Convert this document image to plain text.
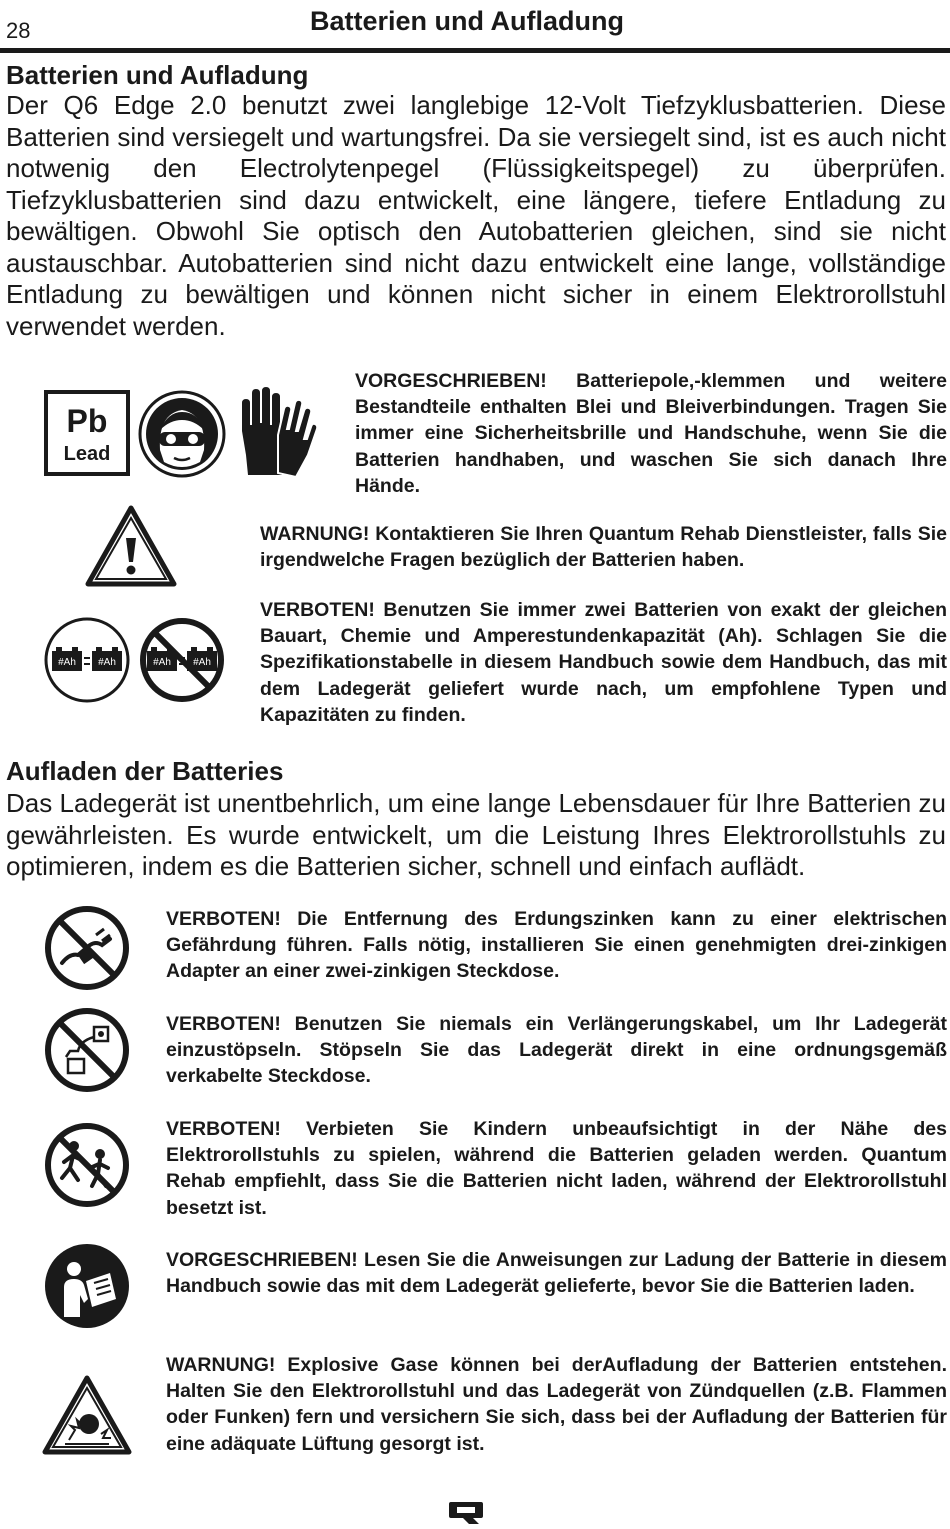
28	Batterien und Aufladung
Batterien und Aufladung
Der Q6 Edge 2.0 benutzt zwei langlebige 12-Volt Tiefzyklusbatterien. Diese Batterien sind versiegelt und wartungsfrei. Da sie versiegelt sind, ist es auch nicht notwenig den Electrolytenpegel (Flüssigkeitspegel) zu überprüfen. Tiefzyklusbatterien sind dazu entwickelt, eine längere, tiefere Entladung zu bewältigen. Obwohl Sie optisch den Autobatterien gleichen, sind sie nicht austauschbar. Autobatterien sind nicht dazu entwickelt eine lange, vollständige Entladung zu bewältigen und können nicht sicher in einem Elektrorollstuhl verwendet werden.
Pb
Lead
VORGESCHRIEBEN! Batteriepole,-klemmen und weitere Bestandteile enthalten Blei und Bleiverbindungen. Tragen Sie immer eine Sicherheitsbrille und Handschuhe, wenn Sie die Batterien handhaben, und waschen Sie sich danach Ihre Hände.
WARNUNG! Kontaktieren Sie Ihren Quantum Rehab Dienstleister, falls Sie irgendwelche Fragen bezüglich der Batterien haben.
#Ah #Ah	#Ah #Ah
VERBOTEN! Benutzen Sie immer zwei Batterien von exakt der gleichen Bauart, Chemie und Amperestundenkapazität (Ah). Schlagen Sie die Spezifikationstabelle in diesem Handbuch sowie dem Handbuch, das mit dem Ladegerät geliefert wurde nach, um empfohlene Typen und Kapazitäten zu finden.
Aufladen der Batteries
Das Ladegerät ist unentbehrlich, um eine lange Lebensdauer für Ihre Batterien zu gewährleisten. Es wurde entwickelt, um die Leistung Ihres Elektrorollstuhls zu optimieren, indem es die Batterien sicher, schnell und einfach auflädt.
VERBOTEN! Die Entfernung des Erdungszinken kann zu einer elektrischen Gefährdung führen. Falls nötig, installieren Sie einen genehmigten drei-zinkigen Adapter an einer zwei-zinkigen Steckdose.
VERBOTEN! Benutzen Sie niemals ein Verlängerungskabel, um Ihr Ladegerät einzustöpseln. Stöpseln Sie das Ladegerät direkt in eine ordnungsgemäß verkabelte Steckdose.
VERBOTEN! Verbieten Sie Kindern unbeaufsichtigt in der Nähe des Elektrorollstuhls zu spielen, während die Batterien geladen werden. Quantum Rehab empfiehlt, dass Sie die Batterien nicht laden, während der Elektrorollstuhl besetzt ist.
VORGESCHRIEBEN! Lesen Sie die Anweisungen zur Ladung der Batterie in diesem Handbuch sowie das mit dem Ladegerät gelieferte, bevor Sie die Batterien laden.
WARNUNG! Explosive Gase können bei derAufladung der Batterien entstehen. Halten Sie den Elektrorollstuhl und das Ladegerät von Zündquellen (z.B. Flammen oder Funken) fern und versichern Sie sich, dass bei der Aufladung der Batterien für eine adäquate Lüftung gesorgt ist.
